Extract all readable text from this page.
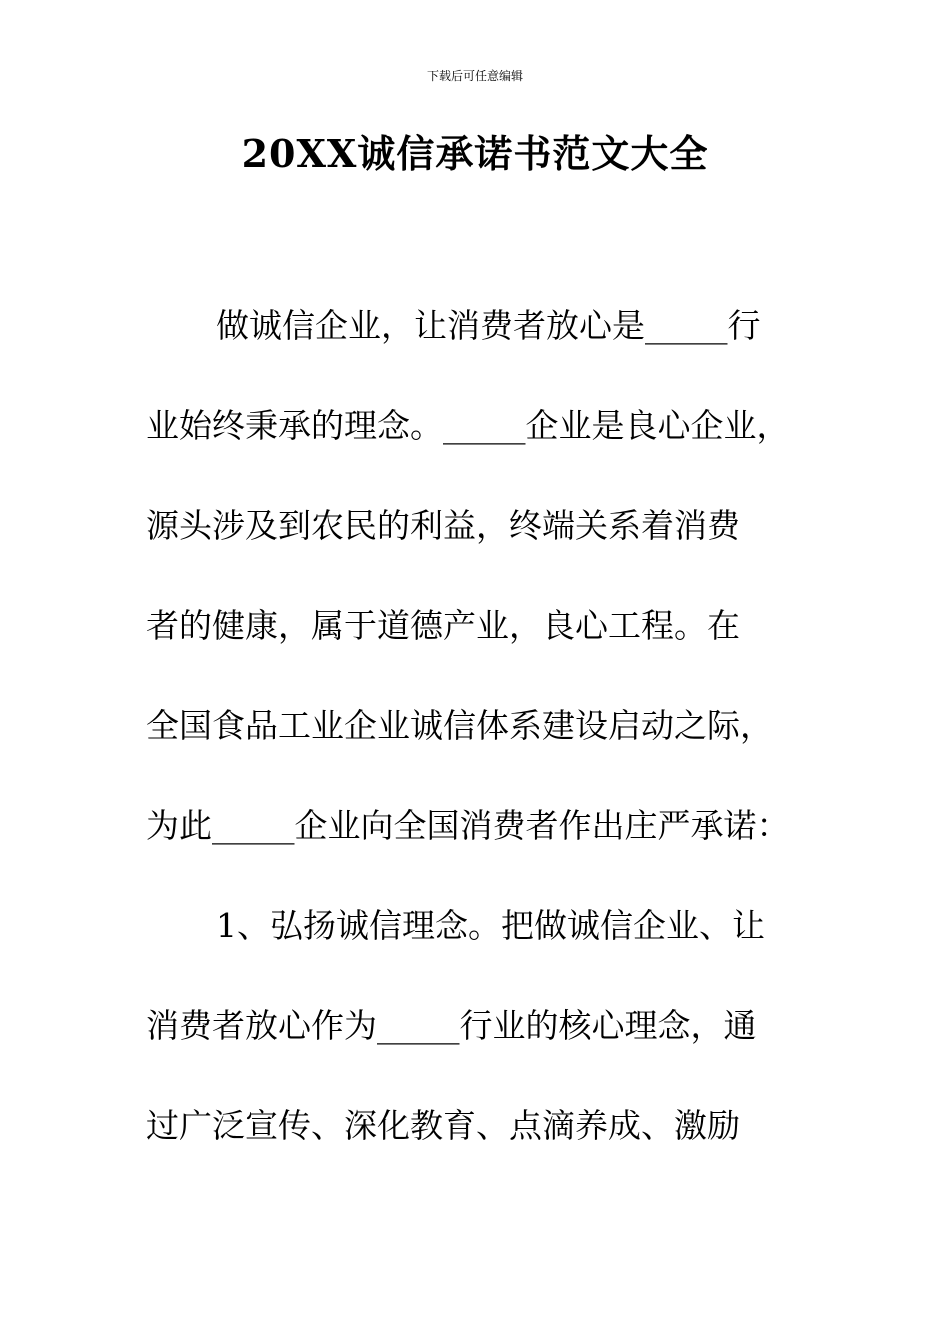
下载后可任意编辑
20XX诚信承诺书范文大全
做诚信企业，让消费者放心是_____行
业始终秉承的理念。_____企业是良心企业，
源头涉及到农民的利益，终端关系着消费
者的健康，属于道德产业，良心工程。在
全国食品工业企业诚信体系建设启动之际，
为此_____企业向全国消费者作出庄严承诺：
1、弘扬诚信理念。把做诚信企业、让
消费者放心作为_____行业的核心理念，通
过广泛宣传、深化教育、点滴养成、激励
